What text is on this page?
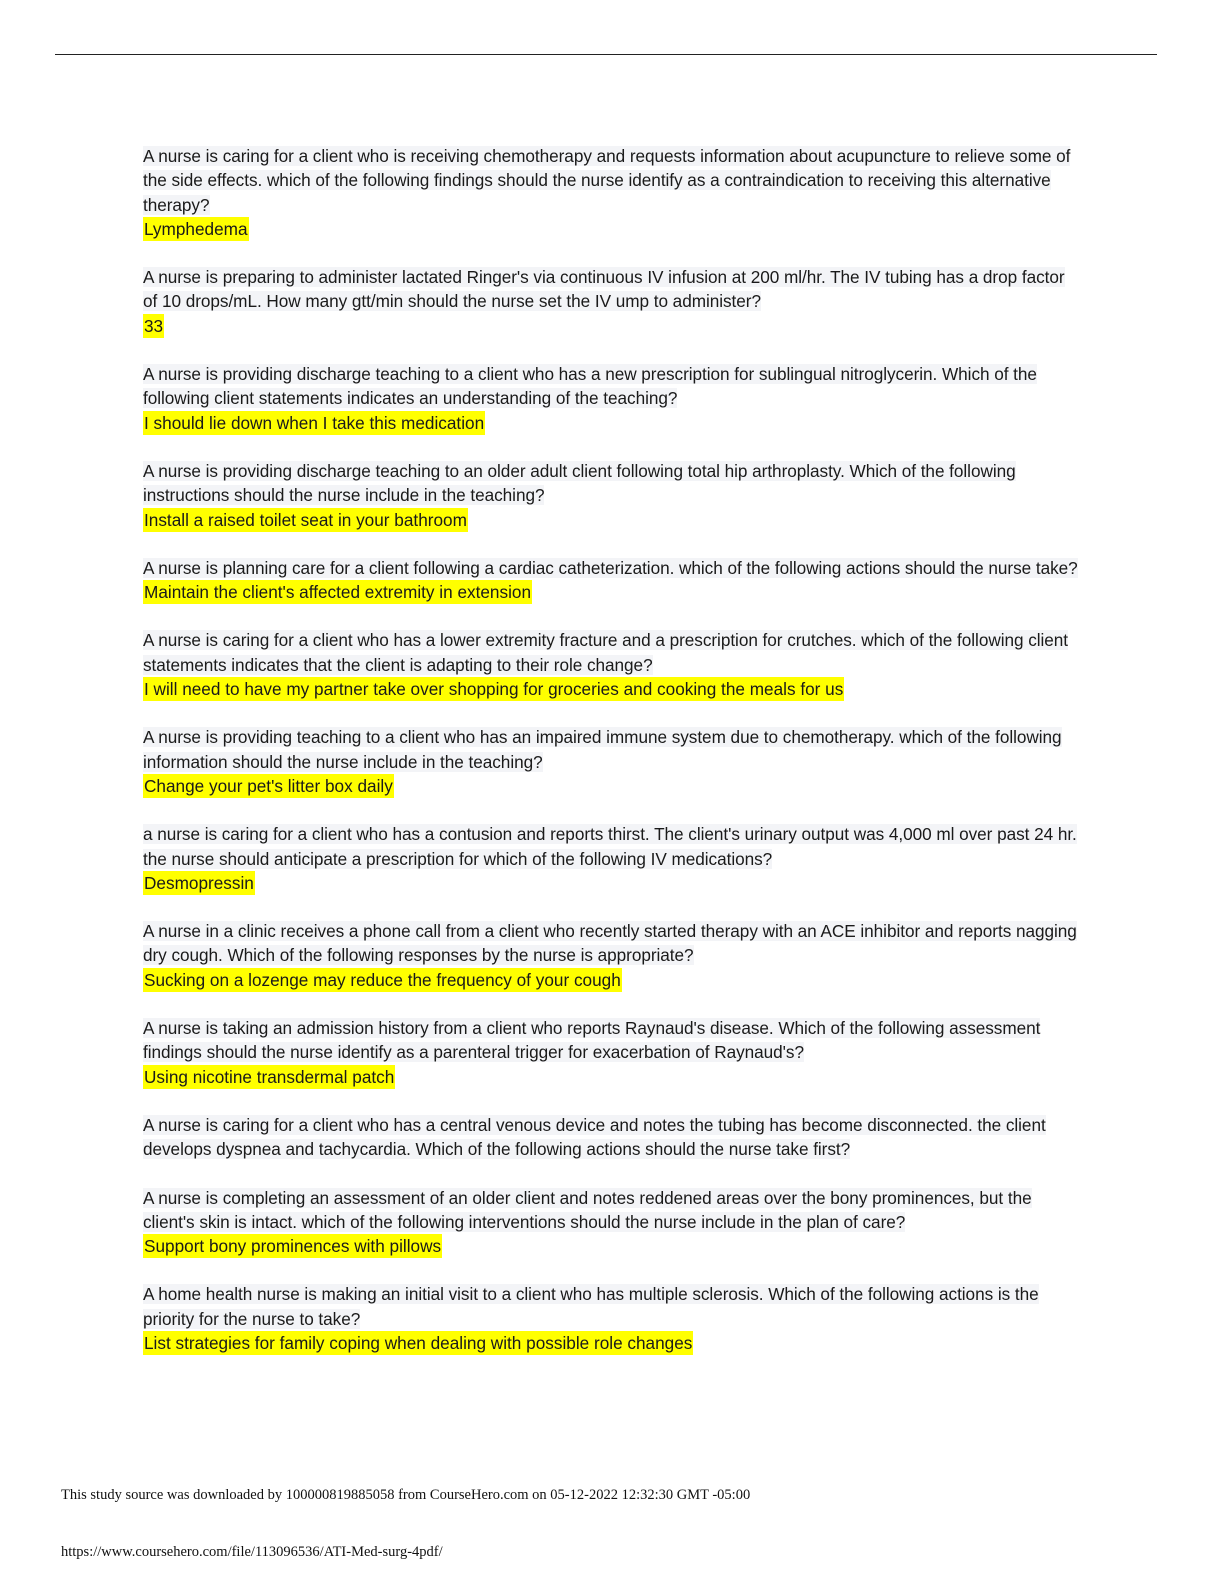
A nurse is caring for a client who is receiving chemotherapy and requests information about acupuncture to relieve some of the side effects. which of the following findings should the nurse identify as a contraindication to receiving this alternative therapy?
Lymphedema
A nurse is preparing to administer lactated Ringer's via continuous IV infusion at 200 ml/hr. The IV tubing has a drop factor of 10 drops/mL. How many gtt/min should the nurse set the IV ump to administer?
33
A nurse is providing discharge teaching to a client who has a new prescription for sublingual nitroglycerin. Which of the following client statements indicates an understanding of the teaching?
I should lie down when I take this medication
A nurse is providing discharge teaching to an older adult client following total hip arthroplasty. Which of the following instructions should the nurse include in the teaching?
Install a raised toilet seat in your bathroom
A nurse is planning care for a client following a cardiac catheterization. which of the following actions should the nurse take?
Maintain the client's affected extremity in extension
A nurse is caring for a client who has a lower extremity fracture and a prescription for crutches. which of the following client statements indicates that the client is adapting to their role change?
I will need to have my partner take over shopping for groceries and cooking the meals for us
A nurse is providing teaching to a client who has an impaired immune system due to chemotherapy. which of the following information should the nurse include in the teaching?
Change your pet's litter box daily
a nurse is caring for a client who has a contusion and reports thirst. The client's urinary output was 4,000 ml over past 24 hr. the nurse should anticipate a prescription for which of the following IV medications?
Desmopressin
A nurse in a clinic receives a phone call from a client who recently started therapy with an ACE inhibitor and reports nagging dry cough. Which of the following responses by the nurse is appropriate?
Sucking on a lozenge may reduce the frequency of your cough
A nurse is taking an admission history from a client who reports Raynaud's disease. Which of the following assessment findings should the nurse identify as a parenteral trigger for exacerbation of Raynaud's?
Using nicotine transdermal patch
A nurse is caring for a client who has a central venous device and notes the tubing has become disconnected. the client develops dyspnea and tachycardia. Which of the following actions should the nurse take first?
A nurse is completing an assessment of an older client and notes reddened areas over the bony prominences, but the client's skin is intact. which of the following interventions should the nurse include in the plan of care?
Support bony prominences with pillows
A home health nurse is making an initial visit to a client who has multiple sclerosis. Which of the following actions is the priority for the nurse to take?
List strategies for family coping when dealing with possible role changes
This study source was downloaded by 100000819885058 from CourseHero.com on 05-12-2022 12:32:30 GMT -05:00
https://www.coursehero.com/file/113096536/ATI-Med-surg-4pdf/
